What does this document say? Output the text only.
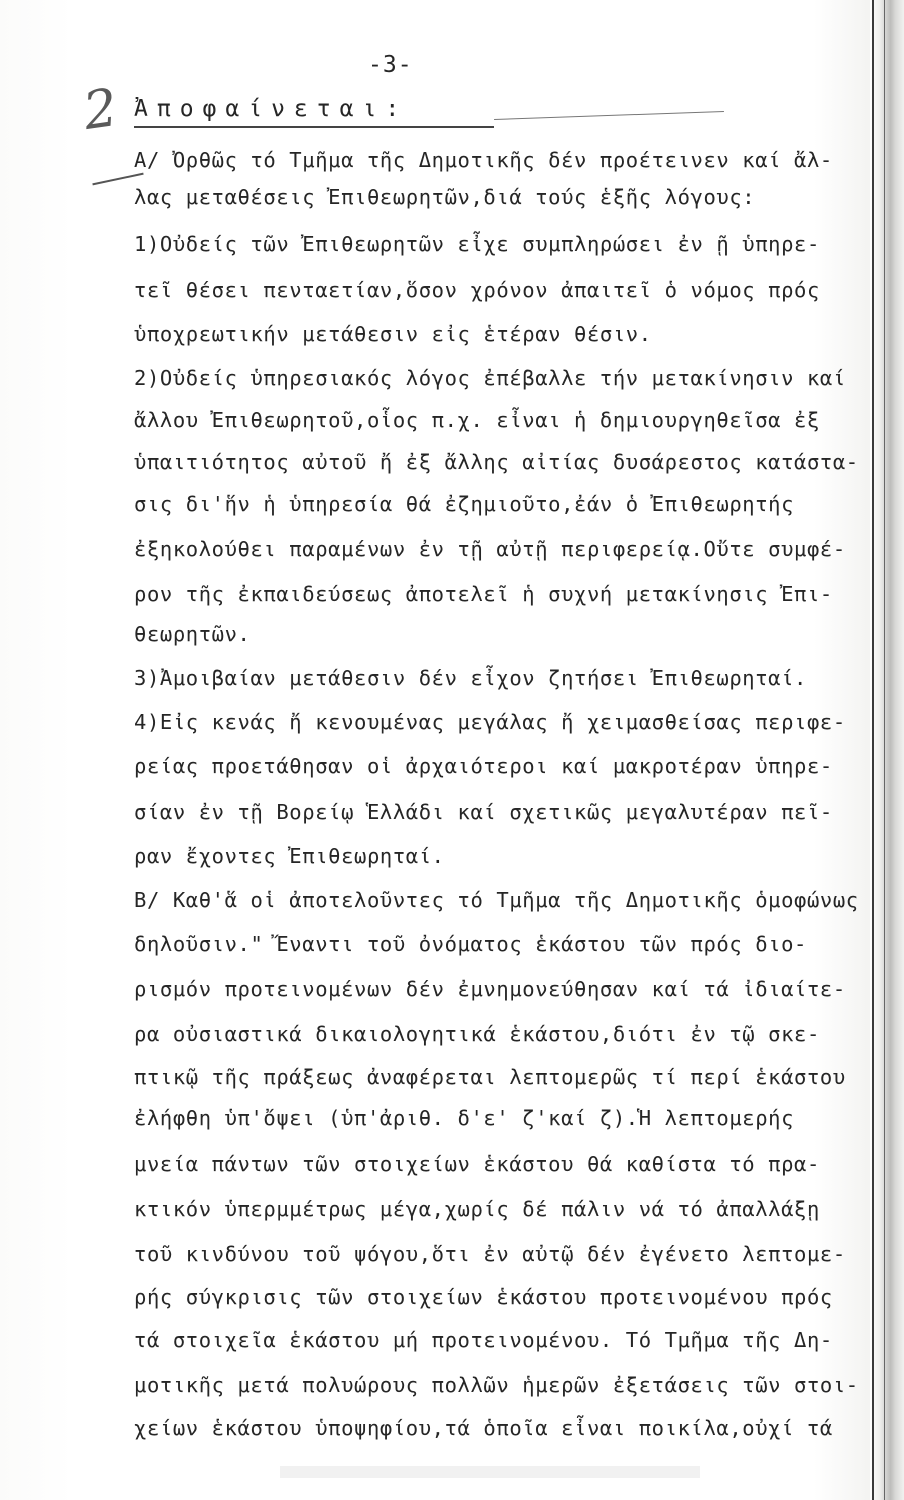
-3-
2 Ἀποφαίνεται:
Α/ Ὀρθῶς τό Τμῆμα τῆς Δημοτικῆς δέν προέτεινεν καί ἄλ-
λας μεταθέσεις Ἐπιθεωρητῶν,διά τούς ἑξῆς λόγους:
1)Οὐδείς τῶν Ἐπιθεωρητῶν εἶχε συμπληρώσει ἐν ῇ ὑπηρε-
τεῖ θέσει πενταετίαν,ὅσον χρόνον ἀπαιτεῖ ὁ νόμος πρός
ὑποχρεωτικήν μετάθεσιν εἰς ἑτέραν θέσιν.
2)Οὐδείς ὑπηρεσιακός λόγος ἐπέβαλλε τήν μετακίνησιν καί
ἄλλου Ἐπιθεωρητοῦ,οἷος π.χ. εἶναι ἡ δημιουργηθεῖσα ἐξ
ὑπαιτιότητος αὐτοῦ ἤ ἐξ ἄλλης αἰτίας δυσάρεστος κατάστα-
σις δι'ἥν ἡ ὑπηρεσία θά ἐζημιοῦτο,ἐάν ὁ Ἐπιθεωρητής
ἐξηκολούθει παραμένων ἐν τῇ αὐτῇ περιφερείᾳ.Οὔτε συμφέ-
ρον τῆς ἐκπαιδεύσεως ἀποτελεῖ ἡ συχνή μετακίνησις Ἐπι-
θεωρητῶν.
3)Ἀμοιβαίαν μετάθεσιν δέν εἶχον ζητήσει Ἐπιθεωρηταί.
4)Εἰς κενάς ἤ κενουμένας μεγάλας ἤ χειμασθείσας περιφε-
ρείας προετάθησαν οἱ ἀρχαιότεροι καί μακροτέραν ὑπηρε-
σίαν ἐν τῇ Βορείῳ Ἑλλάδι καί σχετικῶς μεγαλυτέραν πεῖ-
ραν ἔχοντες Ἐπιθεωρηταί.
Β/ Καθ'ἅ οἱ ἀποτελοῦντες τό Τμῆμα τῆς Δημοτικῆς ὁμοφώνως
δηλοῦσιν." Ἔναντι τοῦ ὀνόματος ἑκάστου τῶν πρός διο-
ρισμόν προτεινομένων δέν ἐμνημονεύθησαν καί τά ἰδιαίτε-
ρα οὐσιαστικά δικαιολογητικά ἑκάστου,διότι ἐν τῷ σκε-
πτικῷ τῆς πράξεως ἀναφέρεται λεπτομερῶς τί περί ἑκάστου
ἐλήφθη ὑπ'ὄψει (ὑπ'ἀριθ. δ'ε' ζ'καί ζ).Ἡ λεπτομερής
μνεία πάντων τῶν στοιχείων ἑκάστου θά καθίστα τό πρα-
κτικόν ὑπερμμέτρως μέγα,χωρίς δέ πάλιν νά τό ἀπαλλάξῃ
τοῦ κινδύνου τοῦ ψόγου,ὅτι ἐν αὐτῷ δέν ἐγένετο λεπτομε-
ρής σύγκρισις τῶν στοιχείων ἑκάστου προτεινομένου πρός
τά στοιχεῖα ἑκάστου μή προτεινομένου. Τό Τμῆμα τῆς Δη-
μοτικῆς μετά πολυώρους πολλῶν ἡμερῶν ἐξετάσεις τῶν στοι-
χείων ἑκάστου ὑποψηφίου,τά ὁποῖα εἶναι ποικίλα,οὐχί τά
